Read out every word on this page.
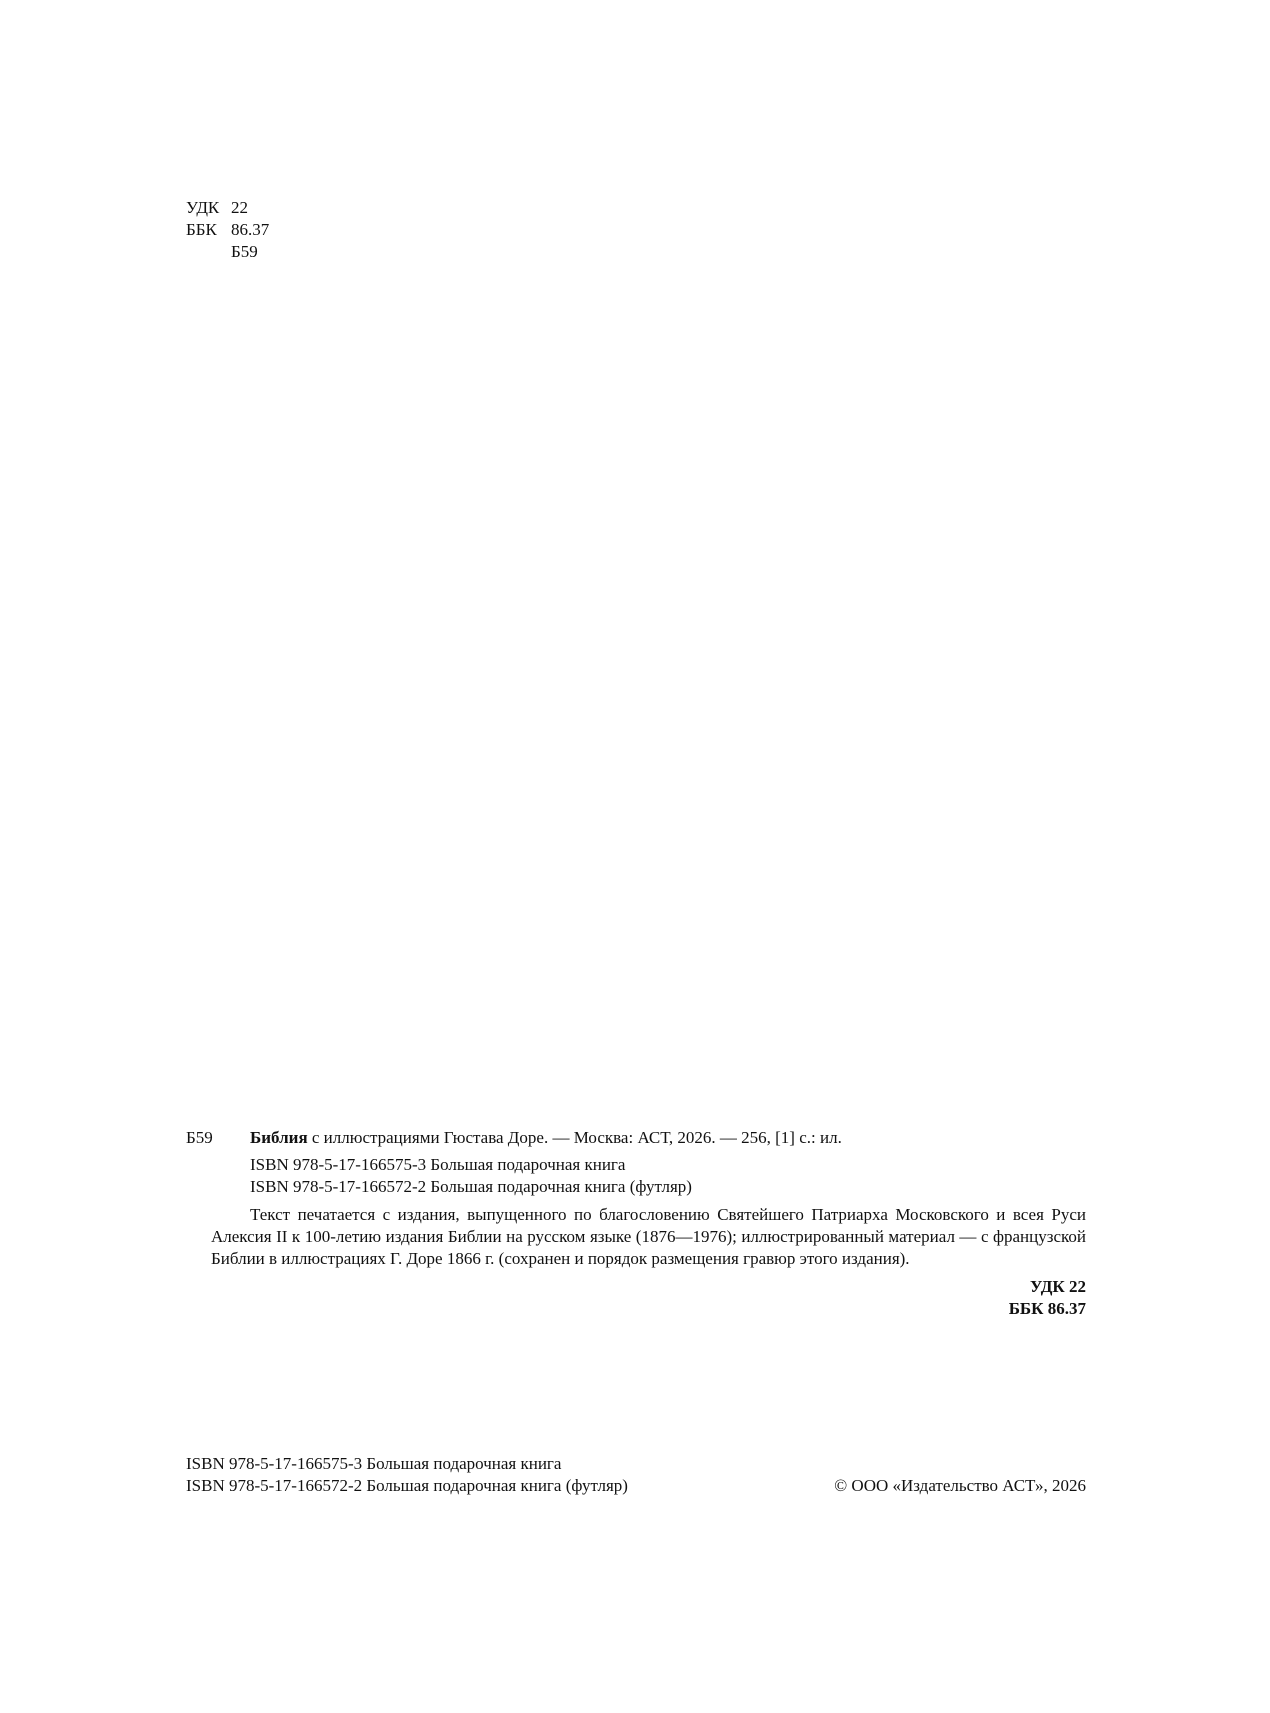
УДК 22
ББК 86.37
Б59
Б59	Библия с иллюстрациями Гюстава Доре. — Москва: АСТ, 2026. — 256, [1] с.: ил.
ISBN 978-5-17-166575-3 Большая подарочная книга
ISBN 978-5-17-166572-2 Большая подарочная книга (футляр)
Текст печатается с издания, выпущенного по благословению Святейшего Патриарха Московского и всея Руси Алексия II к 100-летию издания Библии на русском языке (1876—1976); иллюстрированный материал — с французской Библии в иллюстрациях Г. Доре 1866 г. (сохранен и порядок размещения гравюр этого издания).
УДК 22
ББК 86.37
ISBN 978-5-17-166575-3 Большая подарочная книга
ISBN 978-5-17-166572-2 Большая подарочная книга (футляр)	© ООО «Издательство АСТ», 2026
